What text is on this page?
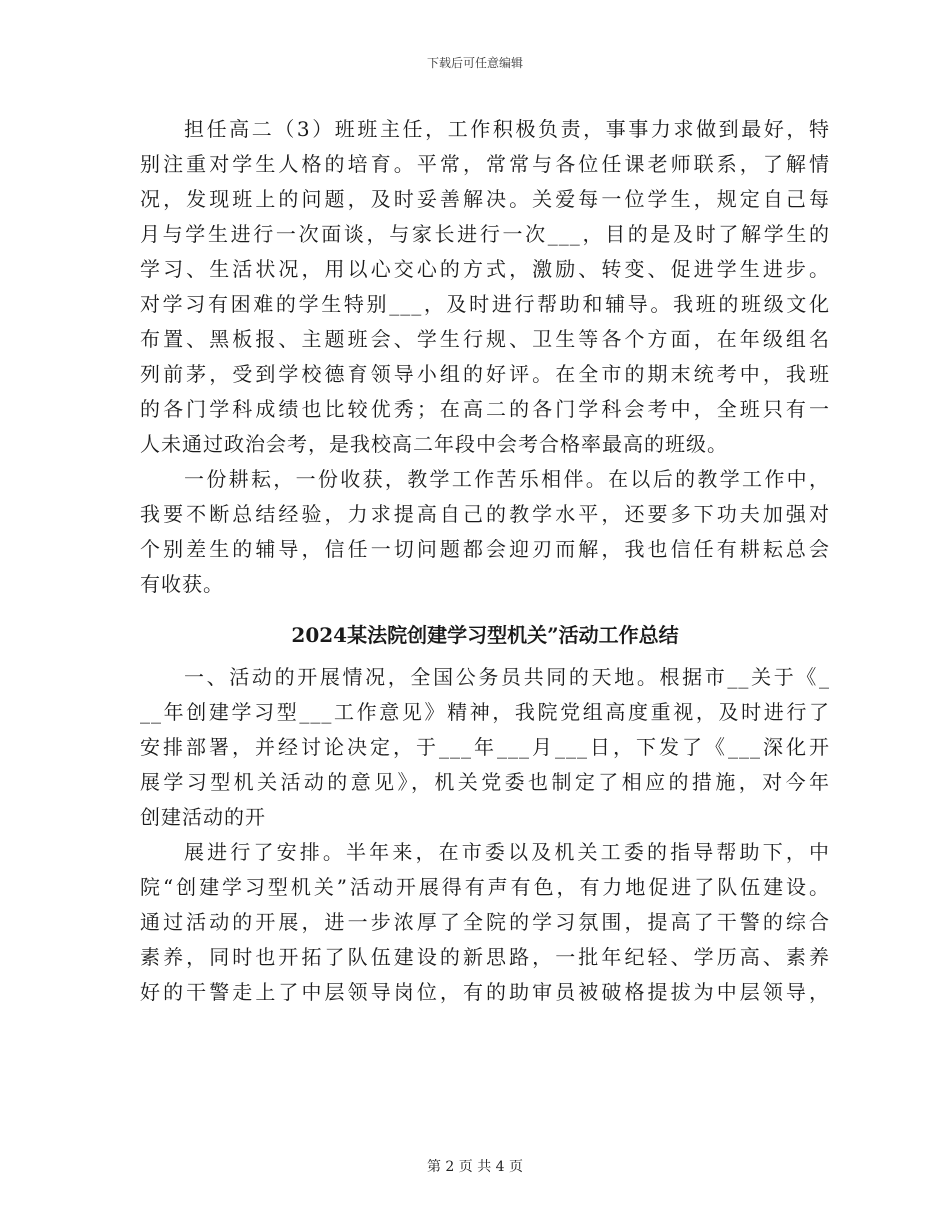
下载后可任意编辑
担任高二（3）班班主任，工作积极负责，事事力求做到最好，特
别注重对学生人格的培育。平常，常常与各位任课老师联系，了解情
况，发现班上的问题，及时妥善解决。关爱每一位学生，规定自己每
月与学生进行一次面谈，与家长进行一次___，目的是及时了解学生的
学习、生活状况，用以心交心的方式，激励、转变、促进学生进步。
对学习有困难的学生特别___，及时进行帮助和辅导。我班的班级文化
布置、黑板报、主题班会、学生行规、卫生等各个方面，在年级组名
列前茅，受到学校德育领导小组的好评。在全市的期末统考中，我班
的各门学科成绩也比较优秀；在高二的各门学科会考中，全班只有一
人未通过政治会考，是我校高二年段中会考合格率最高的班级。
一份耕耘，一份收获，教学工作苦乐相伴。在以后的教学工作中，
我要不断总结经验，力求提高自己的教学水平，还要多下功夫加强对
个别差生的辅导，信任一切问题都会迎刃而解，我也信任有耕耘总会
有收获。
2024某法院创建学习型机关”活动工作总结
一、活动的开展情况，全国公务员共同的天地。根据市__关于《_
__年创建学习型___工作意见》精神，我院党组高度重视，及时进行了
安排部署，并经讨论决定，于___年___月___日，下发了《___深化开
展学习型机关活动的意见》，机关党委也制定了相应的措施，对今年
创建活动的开
展进行了安排。半年来，在市委以及机关工委的指导帮助下，中
院“创建学习型机关”活动开展得有声有色，有力地促进了队伍建设。
通过活动的开展，进一步浓厚了全院的学习氛围，提高了干警的综合
素养，同时也开拓了队伍建设的新思路，一批年纪轻、学历高、素养
好的干警走上了中层领导岗位，有的助审员被破格提拔为中层领导，
第 2 页 共 4 页
